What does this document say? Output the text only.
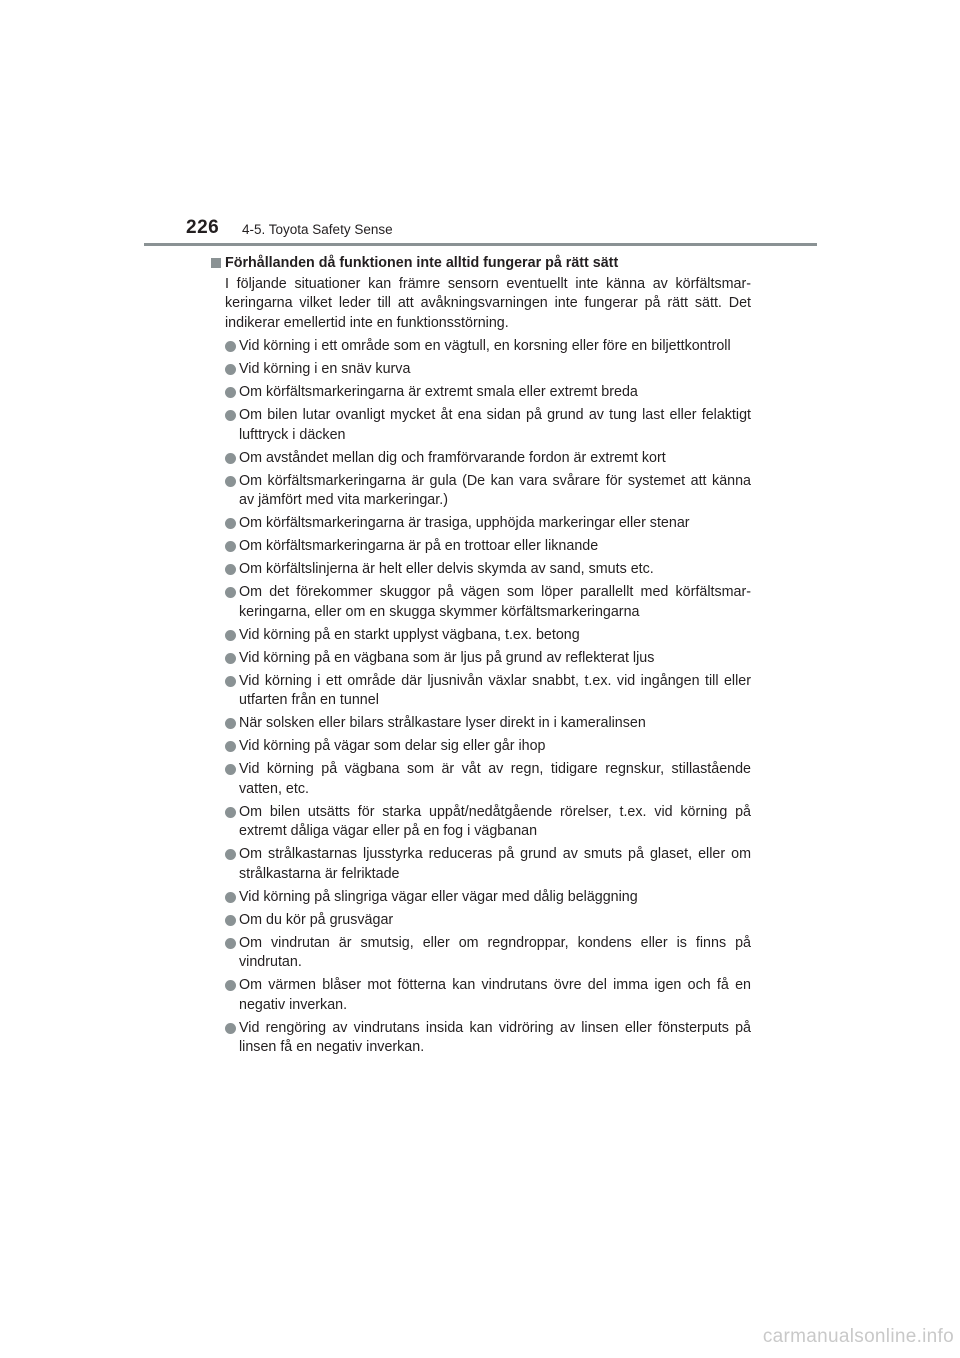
226 4-5. Toyota Safety Sense
Förhållanden då funktionen inte alltid fungerar på rätt sätt

I följande situationer kan främre sensorn eventuellt inte känna av körfältsmarkeringarna vilket leder till att avåkningsvarningen inte fungerar på rätt sätt. Det indikerar emellertid inte en funktionsstörning.

Vid körning i ett område som en vägtull, en korsning eller före en biljettkontroll
Vid körning i en snäv kurva
Om körfältsmarkeringarna är extremt smala eller extremt breda
Om bilen lutar ovanligt mycket åt ena sidan på grund av tung last eller felaktigt lufttryck i däcken
Om avståndet mellan dig och framförvarande fordon är extremt kort
Om körfältsmarkeringarna är gula (De kan vara svårare för systemet att känna av jämfört med vita markeringar.)
Om körfältsmarkeringarna är trasiga, upphöjda markeringar eller stenar
Om körfältsmarkeringarna är på en trottoar eller liknande
Om körfältslinjerna är helt eller delvis skymda av sand, smuts etc.
Om det förekommer skuggor på vägen som löper parallellt med körfältsmarkeringarna, eller om en skugga skymmer körfältsmarkeringarna
Vid körning på en starkt upplyst vägbana, t.ex. betong
Vid körning på en vägbana som är ljus på grund av reflekterat ljus
Vid körning i ett område där ljusnivån växlar snabbt, t.ex. vid ingången till eller utfarten från en tunnel
När solsken eller bilars strålkastare lyser direkt in i kameralinsen
Vid körning på vägar som delar sig eller går ihop
Vid körning på vägbana som är våt av regn, tidigare regnskur, stillastående vatten, etc.
Om bilen utsätts för starka uppåt/nedåtgående rörelser, t.ex. vid körning på extremt dåliga vägar eller på en fog i vägbanan
Om strålkastarnas ljusstyrka reduceras på grund av smuts på glaset, eller om strålkastarna är felriktade
Vid körning på slingriga vägar eller vägar med dålig beläggning
Om du kör på grusvägar
Om vindrutan är smutsig, eller om regndroppar, kondens eller is finns på vindrutan.
Om värmen blåser mot fötterna kan vindrutans övre del imma igen och få en negativ inverkan.
Vid rengöring av vindrutans insida kan vidröring av linsen eller fönsterputs på linsen få en negativ inverkan.
carmanualsonline.info
